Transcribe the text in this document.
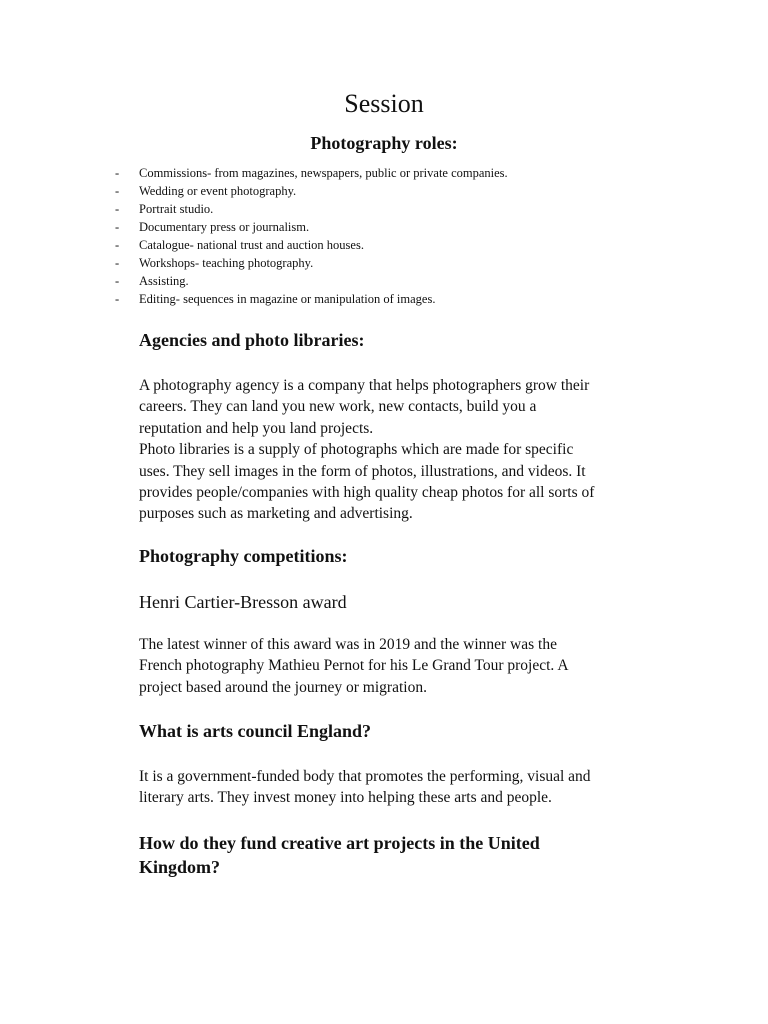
Session
Photography roles:
- Commissions- from magazines, newspapers, public or private companies.
- Wedding or event photography.
- Portrait studio.
- Documentary press or journalism.
- Catalogue- national trust and auction houses.
- Workshops- teaching photography.
- Assisting.
- Editing- sequences in magazine or manipulation of images.
Agencies and photo libraries:
A photography agency is a company that helps photographers grow their
careers. They can land you new work, new contacts, build you a
reputation and help you land projects.
Photo libraries is a supply of photographs which are made for specific
uses. They sell images in the form of photos, illustrations, and videos. It
provides people/companies with high quality cheap photos for all sorts of
purposes such as marketing and advertising.
Photography competitions:
Henri Cartier-Bresson award
The latest winner of this award was in 2019 and the winner was the
French photography Mathieu Pernot for his Le Grand Tour project. A
project based around the journey or migration.
What is arts council England?
It is a government-funded body that promotes the performing, visual and
literary arts. They invest money into helping these arts and people.
How do they fund creative art projects in the United
Kingdom?
